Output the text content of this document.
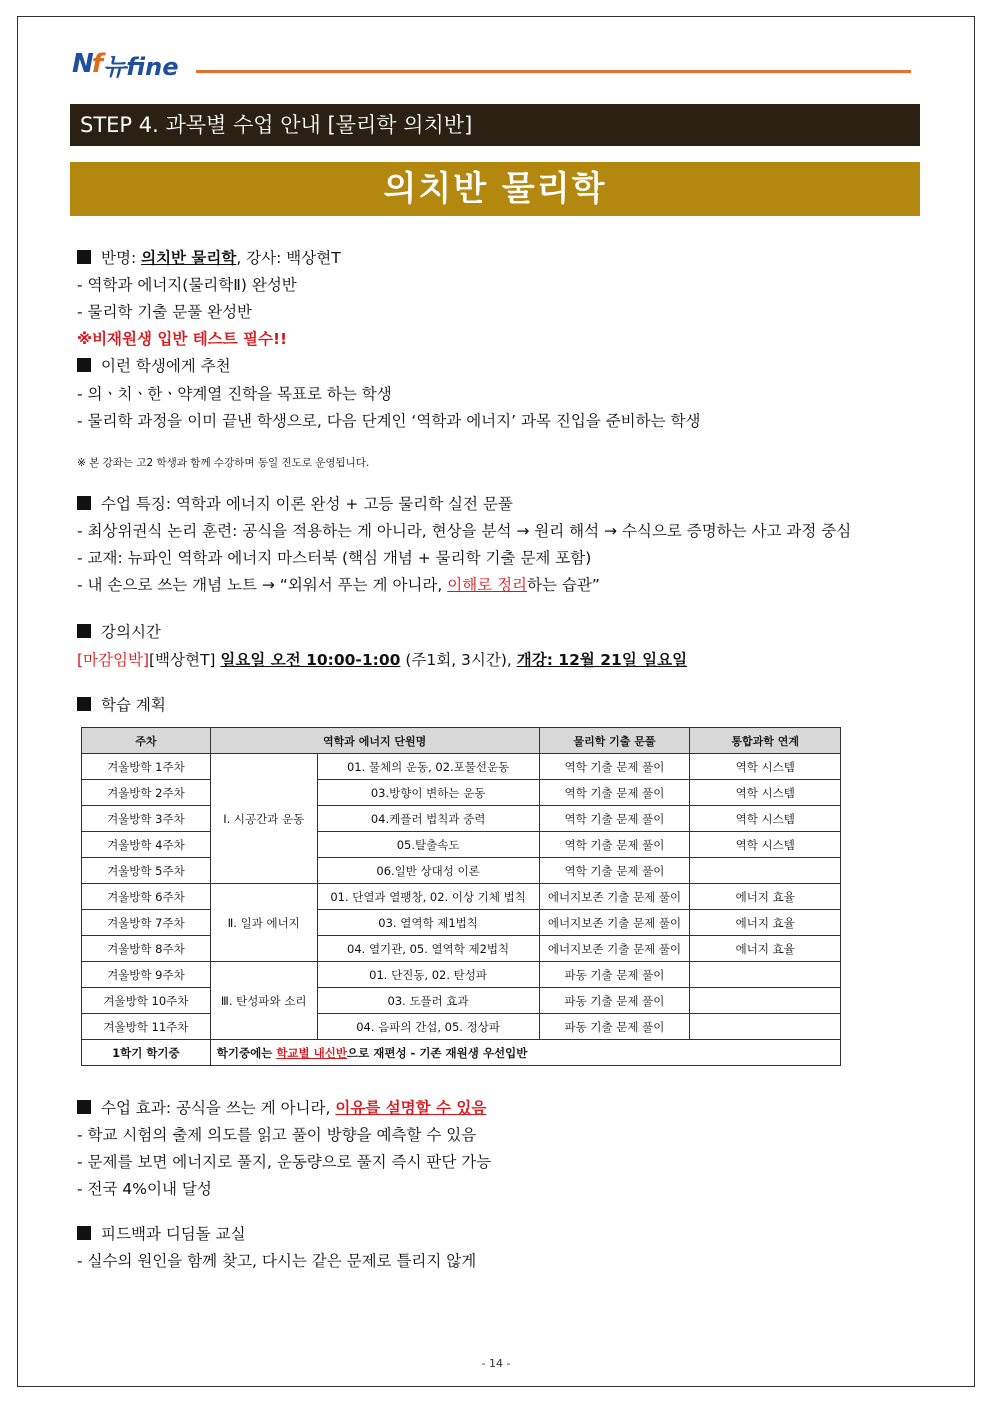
Nf 뉴fine
STEP 4. 과목별 수업 안내 [물리학 의치반]
의치반 물리학
반명: 의치반 물리학, 강사: 백상현T
- 역학과 에너지(물리학Ⅱ) 완성반
- 물리학 기출 문풀 완성반
※비재원생 입반 테스트 필수!!
이런 학생에게 추천
- 의ㆍ치ㆍ한ㆍ약계열 진학을 목표로 하는 학생
- 물리학 과정을 이미 끝낸 학생으로, 다음 단계인 ‘역학과 에너지’ 과목 진입을 준비하는 학생
※ 본 강좌는 고2 학생과 함께 수강하며 동일 진도로 운영됩니다.
수업 특징: 역학과 에너지 이론 완성 + 고등 물리학 실전 문풀
- 최상위권식 논리 훈련: 공식을 적용하는 게 아니라, 현상을 분석 → 원리 해석 → 수식으로 증명하는 사고 과정 중심
- 교재: 뉴파인 역학과 에너지 마스터북 (핵심 개념 + 물리학 기출 문제 포함)
- 내 손으로 쓰는 개념 노트 → “외워서 푸는 게 아니라, 이해로 정리하는 습관”
강의시간
[마감임박][백상현T] 일요일 오전 10:00-1:00 (주1회, 3시간), 개강: 12월 21일 일요일
학습 계획
주차	역학과 에너지 단원명		물리학 기출 문풀	통합과학 연계
겨울방학 1주차	Ⅰ. 시공간과 운동	01. 물체의 운동, 02.포물선운동	역학 기출 문제 풀이	역학 시스템
겨울방학 2주차		03.방향이 변하는 운동	역학 기출 문제 풀이	역학 시스템
겨울방학 3주차		04.케플러 법칙과 중력	역학 기출 문제 풀이	역학 시스템
겨울방학 4주차		05.탈출속도	역학 기출 문제 풀이	역학 시스템
겨울방학 5주차		06.일반 상대성 이론	역학 기출 문제 풀이	
겨울방학 6주차	Ⅱ. 일과 에너지	01. 단열과 열팽창, 02. 이상 기체 법칙	에너지보존 기출 문제 풀이	에너지 효율
겨울방학 7주차		03. 열역학 제1법칙	에너지보존 기출 문제 풀이	에너지 효율
겨울방학 8주차		04. 열기관, 05. 열역학 제2법칙	에너지보존 기출 문제 풀이	에너지 효율
겨울방학 9주차	Ⅲ. 탄성파와 소리	01. 단진동, 02. 탄성파	파동 기출 문제 풀이	
겨울방학 10주차		03. 도플러 효과	파동 기출 문제 풀이	
겨울방학 11주차		04. 음파의 간섭, 05. 정상파	파동 기출 문제 풀이	
1학기 학기중	학기중에는 학교별 내신반으로 재편성 - 기존 재원생 우선입반			
수업 효과: 공식을 쓰는 게 아니라, 이유를 설명할 수 있음
- 학교 시험의 출제 의도를 읽고 풀이 방향을 예측할 수 있음
- 문제를 보면 에너지로 풀지, 운동량으로 풀지 즉시 판단 가능
- 전국 4%이내 달성
피드백과 디딤돌 교실
- 실수의 원인을 함께 찾고, 다시는 같은 문제로 틀리지 않게
- 14 -
